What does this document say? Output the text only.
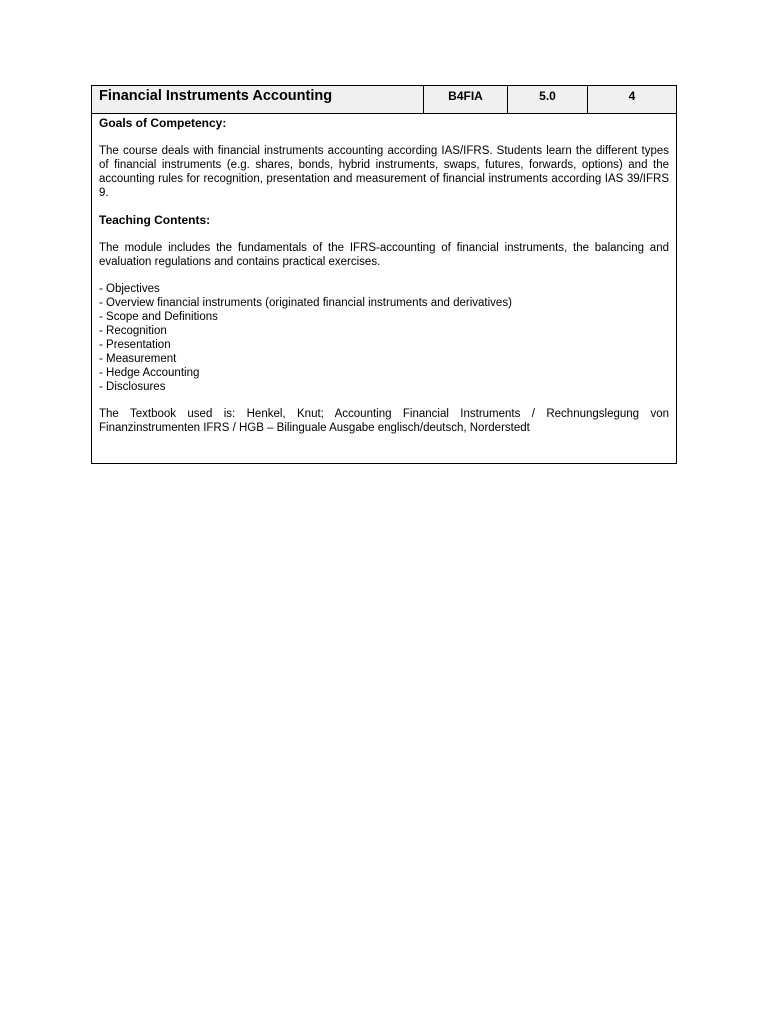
Financial Instruments Accounting	B4FIA	5.0	4

Goals of Competency:

The course deals with financial instruments accounting according IAS/IFRS. Students learn the different types of financial instruments (e.g. shares, bonds, hybrid instruments, swaps, futures, forwards, options) and the accounting rules for recognition, presentation and measurement of financial instruments according IAS 39/IFRS 9.

Teaching Contents:

The module includes the fundamentals of the IFRS-accounting of financial instruments, the balancing and evaluation regulations and contains practical exercises.

- Objectives
- Overview financial instruments (originated financial instruments and derivatives)
- Scope and Definitions
- Recognition
- Presentation
- Measurement
- Hedge Accounting
- Disclosures

The Textbook used is: Henkel, Knut; Accounting Financial Instruments / Rechnungslegung von Finanzinstrumenten IFRS / HGB – Bilinguale Ausgabe englisch/deutsch, Norderstedt
